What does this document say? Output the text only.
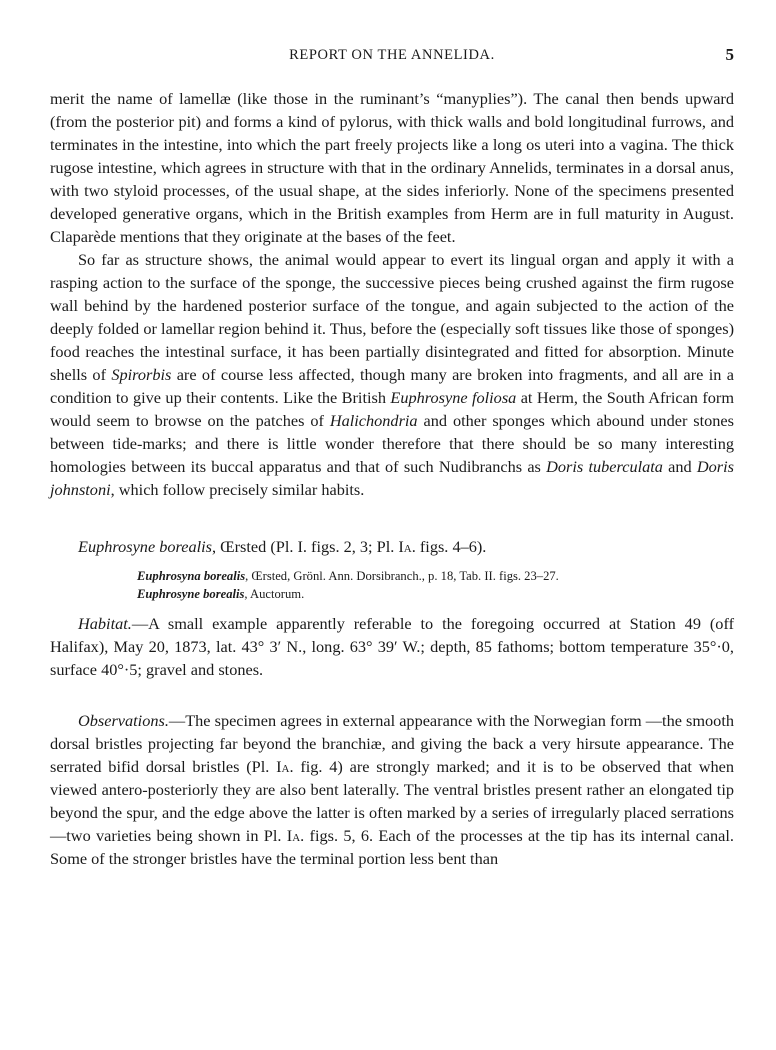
REPORT ON THE ANNELIDA.	5

merit the name of lamellæ (like those in the ruminant’s “manyplies”). The canal then bends upward (from the posterior pit) and forms a kind of pylorus, with thick walls and bold longitudinal furrows, and terminates in the intestine, into which the part freely projects like a long os uteri into a vagina. The thick rugose intestine, which agrees in structure with that in the ordinary Annelids, terminates in a dorsal anus, with two styloid processes, of the usual shape, at the sides inferiorly. None of the specimens presented developed generative organs, which in the British examples from Herm are in full maturity in August. Claparède mentions that they originate at the bases of the feet.

So far as structure shows, the animal would appear to evert its lingual organ and apply it with a rasping action to the surface of the sponge, the successive pieces being crushed against the firm rugose wall behind by the hardened posterior surface of the tongue, and again subjected to the action of the deeply folded or lamellar region behind it. Thus, before the (especially soft tissues like those of sponges) food reaches the intestinal surface, it has been partially disintegrated and fitted for absorption. Minute shells of Spirorbis are of course less affected, though many are broken into fragments, and all are in a condition to give up their contents. Like the British Euphrosyne foliosa at Herm, the South African form would seem to browse on the patches of Halichondria and other sponges which abound under stones between tide-marks; and there is little wonder therefore that there should be so many interesting homologies between its buccal apparatus and that of such Nudibranchs as Doris tuberculata and Doris johnstoni, which follow precisely similar habits.

Euphrosyne borealis, Œrsted (Pl. I. figs. 2, 3; Pl. Ia. figs. 4–6).
Euphrosyna borealis, Œrsted, Grönl. Ann. Dorsibranch., p. 18, Tab. II. figs. 23–27.
Euphrosyne borealis, Auctorum.

Habitat.—A small example apparently referable to the foregoing occurred at Station 49 (off Halifax), May 20, 1873, lat. 43° 3′ N., long. 63° 39′ W.; depth, 85 fathoms; bottom temperature 35°·0, surface 40°·5; gravel and stones.

Observations.—The specimen agrees in external appearance with the Norwegian form —the smooth dorsal bristles projecting far beyond the branchiæ, and giving the back a very hirsute appearance. The serrated bifid dorsal bristles (Pl. Ia. fig. 4) are strongly marked; and it is to be observed that when viewed antero-posteriorly they are also bent laterally. The ventral bristles present rather an elongated tip beyond the spur, and the edge above the latter is often marked by a series of irregularly placed serrations—two varieties being shown in Pl. Ia. figs. 5, 6. Each of the processes at the tip has its internal canal. Some of the stronger bristles have the terminal portion less bent than
